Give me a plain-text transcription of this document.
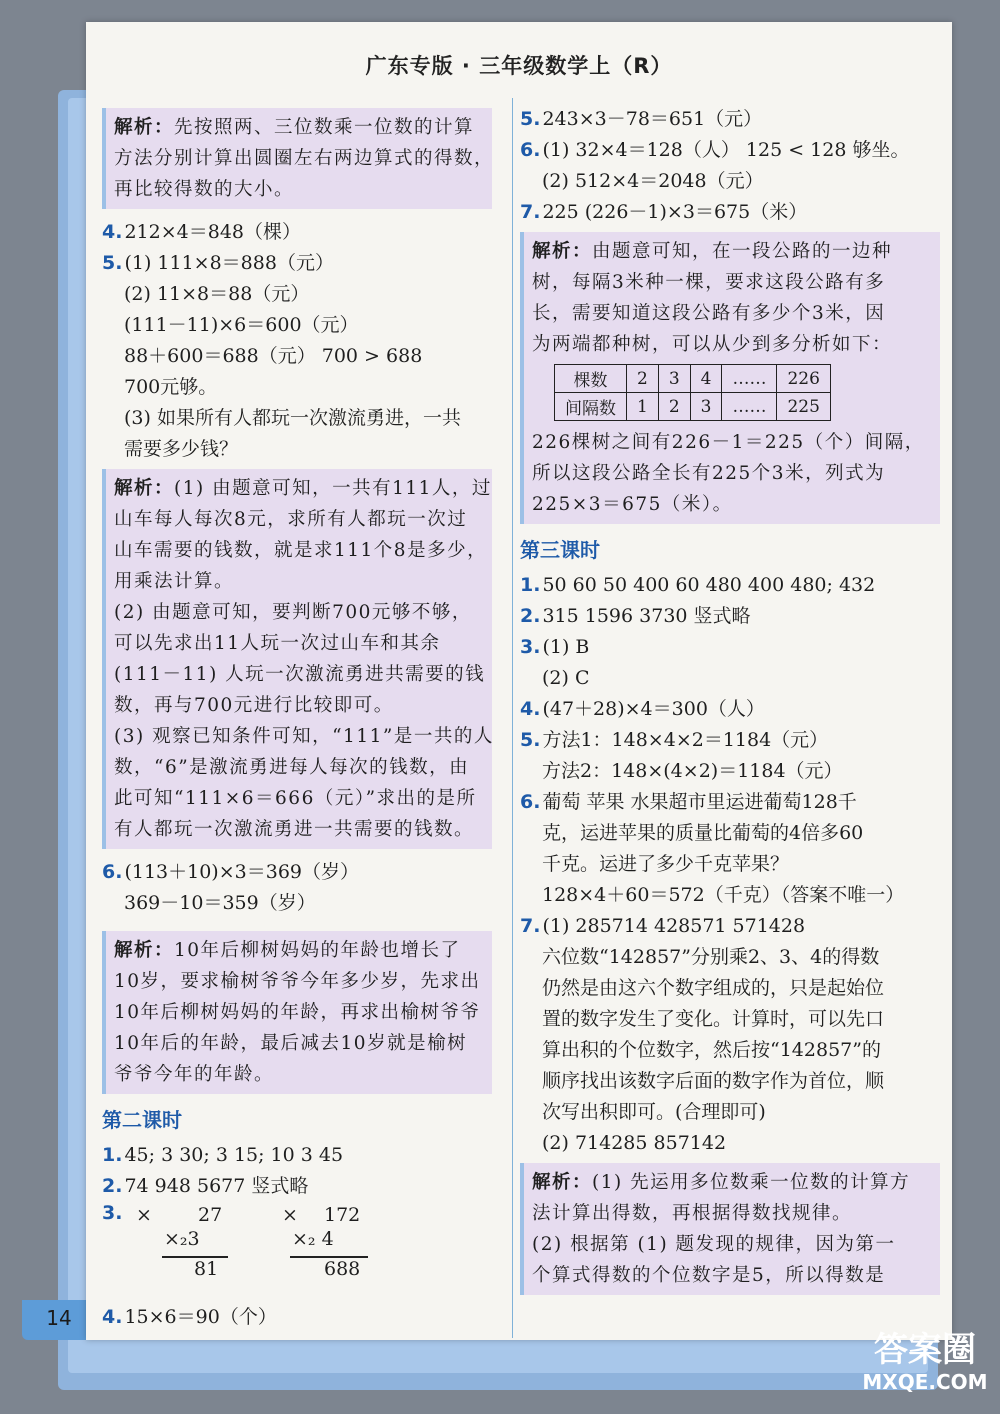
14
广东专版 · 三年级数学上（R）
解析：先按照两、三位数乘一位数的计算
方法分别计算出圆圈左右两边算式的得数，
再比较得数的大小。
4. 212×4＝848（棵）
5. (1) 111×8＝888（元）
(2) 11×8＝88（元）
(111－11)×6＝600（元）
88＋600＝688（元） 700 > 688
700元够。
(3) 如果所有人都玩一次激流勇进，一共
需要多少钱？
解析：(1) 由题意可知，一共有111人，过
山车每人每次8元，求所有人都玩一次过
山车需要的钱数，就是求111个8是多少，
用乘法计算。
(2) 由题意可知，要判断700元够不够，
可以先求出11人玩一次过山车和其余
(111－11) 人玩一次激流勇进共需要的钱
数，再与700元进行比较即可。
(3) 观察已知条件可知，“111”是一共的人
数，“6”是激流勇进每人每次的钱数，由
此可知“111×6＝666（元）”求出的是所
有人都玩一次激流勇进一共需要的钱数。
6. (113＋10)×3＝369（岁）
369－10＝359（岁）
解析：10年后柳树妈妈的年龄也增长了
10岁，要求榆树爷爷今年多少岁，先求出
10年后柳树妈妈的年龄，再求出榆树爷爷
10年后的年龄，最后减去10岁就是榆树
爷爷今年的年龄。
第二课时
1. 45; 3 30; 3 15; 10 3 45
2. 74 948 5677 竖式略
3. × 27
×₂3
81
× 172
×₂ 4
688
4. 15×6＝90（个）
5. 243×3－78＝651（元）
6. (1) 32×4＝128（人） 125 < 128 够坐。
(2) 512×4＝2048（元）
7. 225 (226－1)×3＝675（米）
解析：由题意可知，在一段公路的一边种
树，每隔3米种一棵，要求这段公路有多
长，需要知道这段公路有多少个3米，因
为两端都种树，可以从少到多分析如下：
棵数	2	3	4	……	226
间隔数	1	2	3	……	225
226棵树之间有226－1＝225（个）间隔，
所以这段公路全长有225个3米，列式为
225×3＝675（米）。
第三课时
1. 50 60 50 400 60 480 400 480; 432
2. 315 1596 3730 竖式略
3. (1) B
(2) C
4. (47＋28)×4＝300（人）
5. 方法1：148×4×2＝1184（元）
方法2：148×(4×2)＝1184（元）
6. 葡萄 苹果 水果超市里运进葡萄128千
克，运进苹果的质量比葡萄的4倍多60
千克。运进了多少千克苹果？
128×4＋60＝572（千克）（答案不唯一）
7. (1) 285714 428571 571428
六位数“142857”分别乘2、3、4的得数
仍然是由这六个数字组成的，只是起始位
置的数字发生了变化。计算时，可以先口
算出积的个位数字，然后按“142857”的
顺序找出该数字后面的数字作为首位，顺
次写出积即可。(合理即可)
(2) 714285 857142
解析：(1) 先运用多位数乘一位数的计算方
法计算出得数，再根据得数找规律。
(2) 根据第 (1) 题发现的规律，因为第一
个算式得数的个位数字是5，所以得数是
答案圈
MXQE.COM
